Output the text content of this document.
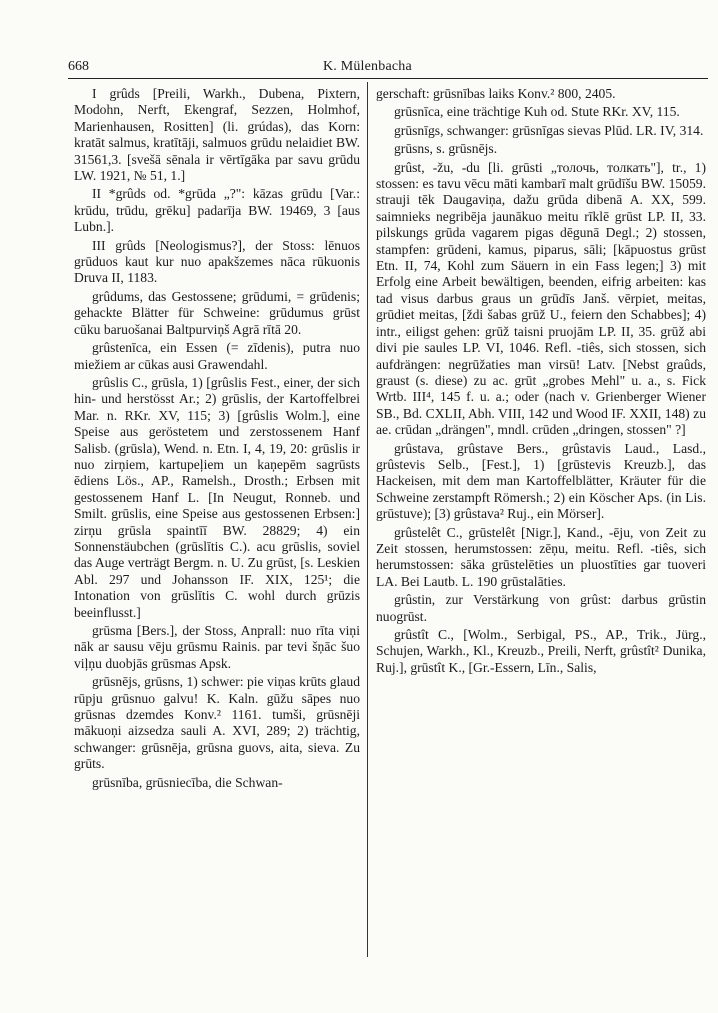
668	K. Mülenbacha

I grûds [Preili, Warkh., Dubena, Pixtern, Modohn, Nerft, Ekengraf, Sezzen, Holmhof, Marienhausen, Rositten] (li. grúdas), das Korn: kratāt salmus, kratītāji, salmuos grūdu nelaidiet BW. 31561,3. [svešā sēnala ir vērtīgāka par savu grūdu LW. 1921, № 51, 1.]

II *grûds od. *grūda „?": kāzas grūdu [Var.: krūdu, trūdu, grēku] padarīja BW. 19469, 3 [aus Lubn.].

III grûds [Neologismus?], der Stoss: lēnuos grūduos kaut kur nuo apakšzemes nāca rūkuonis Druva II, 1183.

grûdums, das Gestossene; grūdumi, = grūdenis; gehackte Blätter für Schweine: grūdumus grūst cūku baruošanai Baltpurviņš Agrā rītā 20.

grûstenīca, ein Essen (= zīdenis), putra nuo miežiem ar cūkas ausi Grawendahl.

grûslis C., grūsla, 1) [grûslis Fest., einer, der sich hin- und herstösst Ar.; 2) grūslis, der Kartoffelbrei Mar. n. RKr. XV, 115; 3) [grûslis Wolm.], eine Speise aus geröstetem und zerstossenem Hanf Salisb. (grūsla), Wend. n. Etn. I, 4, 19, 20: grūslis ir nuo zirņiem, kartupeļiem un kaņepēm sagrūsts ēdiens Lös., AP., Ramelsh., Drosth.; Erbsen mit gestossenem Hanf L. [In Neugut, Ronneb. und Smilt. grūslis, eine Speise aus gestossenen Erbsen:] zirņu grūsla spaintīī BW. 28829; 4) ein Sonnenstäubchen (grūslītis C.). acu grūslis, soviel das Auge verträgt Bergm. n. U. Zu grūst, [s. Leskien Abl. 297 und Johansson IF. XIX, 125¹; die Intonation von grūslītis C. wohl durch grūzis beeinflusst.]

grūsma [Bers.], der Stoss, Anprall: nuo rīta viņi nāk ar sausu vēju grūsmu Rainis. par tevi šņāc šuo viļņu duobjās grūsmas Apsk.

grūsnējs, grūsns, 1) schwer: pie viņas krūts glaud rūpju grūsnuo galvu! K. Kaln. gūžu sāpes nuo grūsnas dzemdes Konv.² 1161. tumši, grūsnēji mākuoņi aizsedza sauli A. XVI, 289; 2) trächtig, schwanger: grūsnēja, grūsna guovs, aita, sieva. Zu grūts.

grūsnība, grūsniecība, die Schwan-

gerschaft: grūsnības laiks Konv.² 800, 2405.

grūsnīca, eine trächtige Kuh od. Stute RKr. XV, 115.

grūsnīgs, schwanger: grūsnīgas sievas Plūd. LR. IV, 314.

grūsns, s. grūsnējs.

grûst, -žu, -du [li. grūsti „толочь, толкать"], tr., 1) stossen: es tavu vēcu māti kambarī malt grūdīšu BW. 15059. strauji tēk Daugaviņa, dažu grūda dibenā A. XX, 599. saimnieks negribēja jaunākuo meitu rīklē grūst LP. II, 33. pilskungs grūda vagarem pigas dēgunā Degl.; 2) stossen, stampfen: grūdeni, kamus, piparus, sāli; [kāpuostus grūst Etn. II, 74, Kohl zum Säuern in ein Fass legen;] 3) mit Erfolg eine Arbeit bewältigen, beenden, eifrig arbeiten: kas tad visus darbus graus un grūdīs Janš. vērpiet, meitas, grūdiet meitas, [ždi šabas grūž U., feiern den Schabbes]; 4) intr., eiligst gehen: grūž taisni pruojām LP. II, 35. grūž abi divi pie saules LP. VI, 1046. Refl. -tiês, sich stossen, sich aufdrängen: negrūžaties man virsū! Latv. [Nebst graûds, graust (s. diese) zu ac. grūt „grobes Mehl" u. a., s. Fick Wrtb. III⁴, 145 f. u. a.; oder (nach v. Grienberger Wiener SB., Bd. CXLII, Abh. VIII, 142 und Wood IF. XXII, 148) zu ae. crūdan „drängen", mndl. crūden „dringen, stossen" ?]

grûstava, grûstave Bers., grûstavis Laud., Lasd., grûstevis Selb., [Fest.], 1) [grūstevis Kreuzb.], das Hackeisen, mit dem man Kartoffelblätter, Kräuter für die Schweine zerstampft Römersh.; 2) ein Köscher Aps. (in Lis. grūstuve); [3) grûstava² Ruj., ein Mörser].

grûstelêt C., grūstelêt [Nigr.], Kand., -ēju, von Zeit zu Zeit stossen, herumstossen: zēņu, meitu. Refl. -tiês, sich herumstossen: sāka grūstelēties un pluostīties gar tuoveri LA. Bei Lautb. L. 190 grūstalāties.

grûstin, zur Verstärkung von grûst: darbus grūstin nuogrūst.

grûstît C., [Wolm., Serbigal, PS., AP., Trik., Jürg., Schujen, Warkh., Kl., Kreuzb., Preili, Nerft, grûstît² Dunika, Ruj.], grūstît K., [Gr.-Essern, Līn., Salis,
